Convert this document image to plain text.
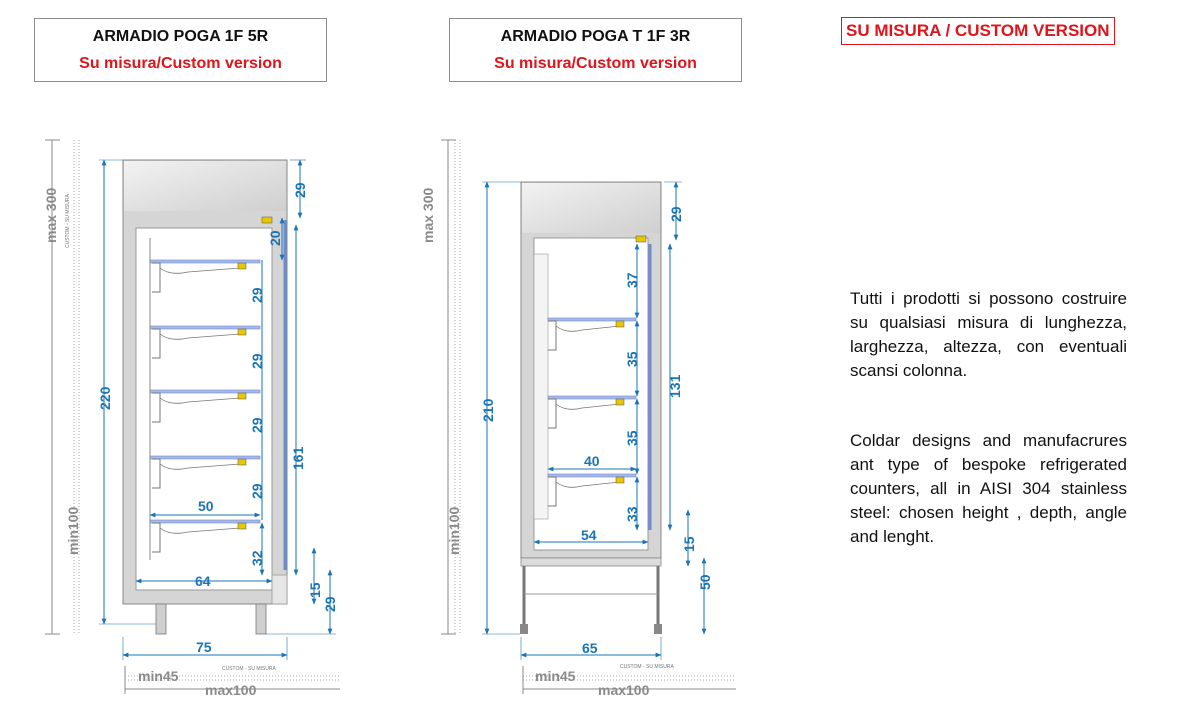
ARMADIO POGA 1F 5R
Su misura/Custom version
ARMADIO POGA T 1F 3R
Su misura/Custom version
SU MISURA / CUSTOM VERSION
Tutti i prodotti si possono costruire su qualsiasi misura di lunghezza, larghezza, altezza, con eventuali scansi colonna.
Coldar designs and manufacrures ant type of bespoke refrigerated counters, all in AISI 304 stainless steel: chosen height , depth, angle and lenght.
max 300
min100
CUSTOM - SU MISURA
220
29
20
29
29
29
29
32
161
15
29
50
64
75
min45
max100
CUSTOM - SU MISURA
max 300
min100
210
29
37
35
35
33
131
15
50
40
54
65
min45
max100
CUSTOM - SU MISURA
